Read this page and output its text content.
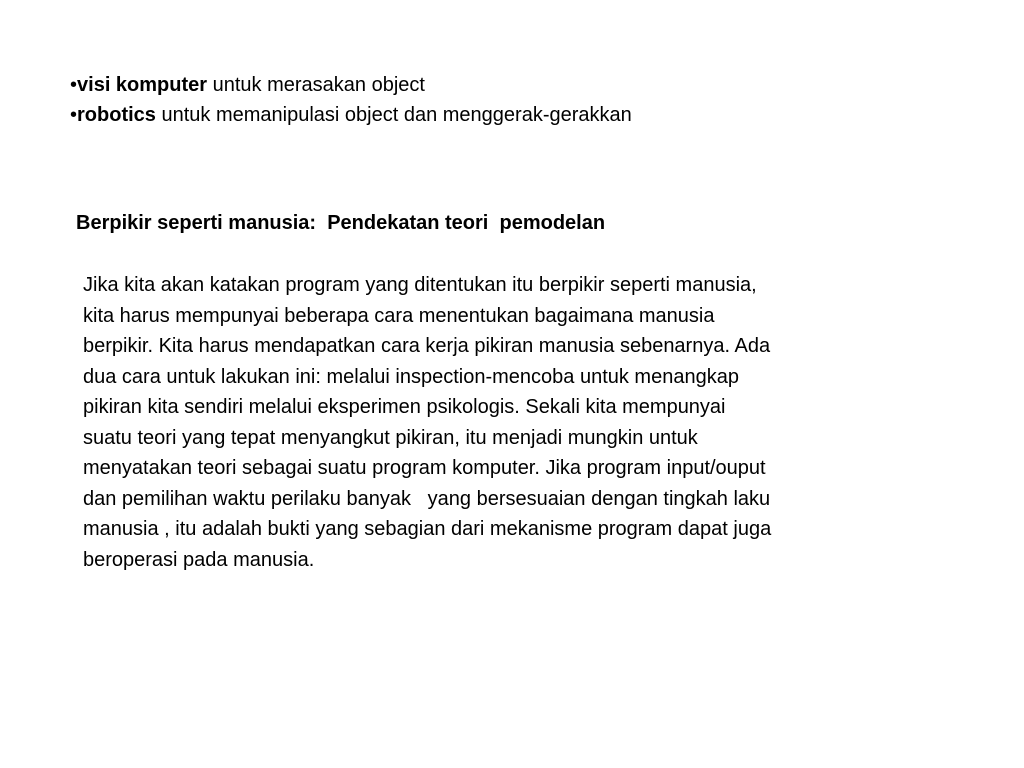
•visi komputer untuk merasakan object
•robotics untuk memanipulasi object dan menggerak-gerakkan
Berpikir seperti manusia:  Pendekatan teori  pemodelan
Jika kita akan katakan program yang ditentukan itu berpikir seperti manusia,
kita harus mempunyai beberapa cara menentukan bagaimana manusia
berpikir. Kita harus mendapatkan cara kerja pikiran manusia sebenarnya. Ada
dua cara untuk lakukan ini: melalui inspection-mencoba untuk menangkap
pikiran kita sendiri melalui eksperimen psikologis. Sekali kita mempunyai
suatu teori yang tepat menyangkut pikiran, itu menjadi mungkin untuk
menyatakan teori sebagai suatu program komputer. Jika program input/ouput
dan pemilihan waktu perilaku banyak   yang bersesuaian dengan tingkah laku
manusia , itu adalah bukti yang sebagian dari mekanisme program dapat juga
beroperasi pada manusia.
